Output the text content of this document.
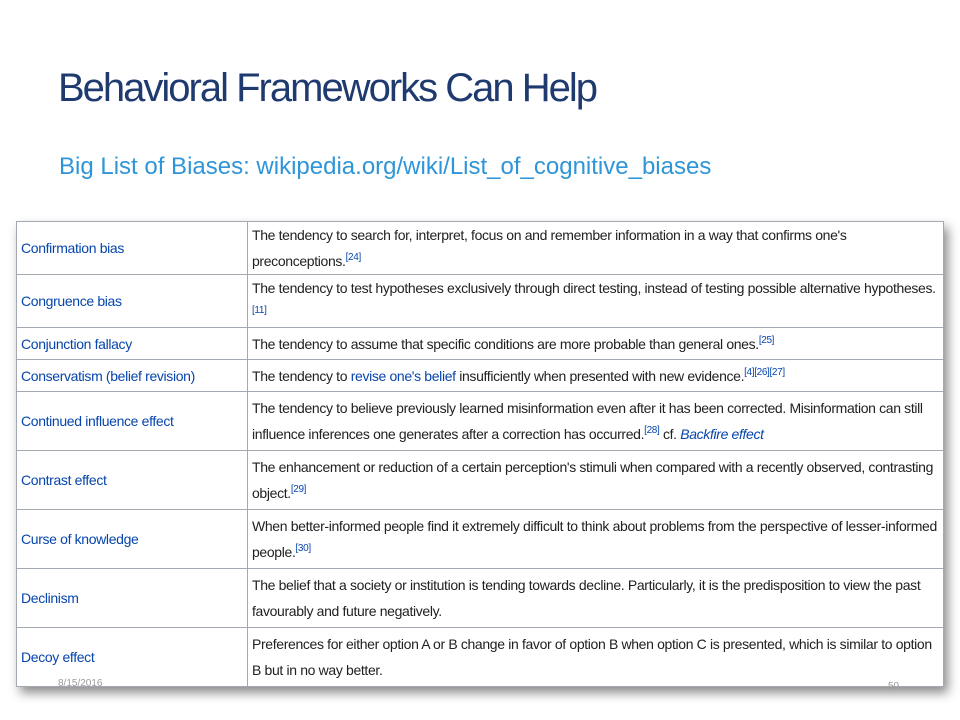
Behavioral Frameworks Can Help
Big List of Biases: wikipedia.org/wiki/List_of_cognitive_biases
Confirmation bias	The tendency to search for, interpret, focus on and remember information in a way that confirms one's preconceptions.[24]
Congruence bias	The tendency to test hypotheses exclusively through direct testing, instead of testing possible alternative hypotheses.[11]
Conjunction fallacy	The tendency to assume that specific conditions are more probable than general ones.[25]
Conservatism (belief revision)	The tendency to revise one's belief insufficiently when presented with new evidence.[4][26][27]
Continued influence effect	The tendency to believe previously learned misinformation even after it has been corrected. Misinformation can still influence inferences one generates after a correction has occurred.[28] cf. Backfire effect
Contrast effect	The enhancement or reduction of a certain perception's stimuli when compared with a recently observed, contrasting object.[29]
Curse of knowledge	When better-informed people find it extremely difficult to think about problems from the perspective of lesser-informed people.[30]
Declinism	The belief that a society or institution is tending towards decline. Particularly, it is the predisposition to view the past favourably and future negatively.
Decoy effect	Preferences for either option A or B change in favor of option B when option C is presented, which is similar to option B but in no way better.
8/15/2016	50
